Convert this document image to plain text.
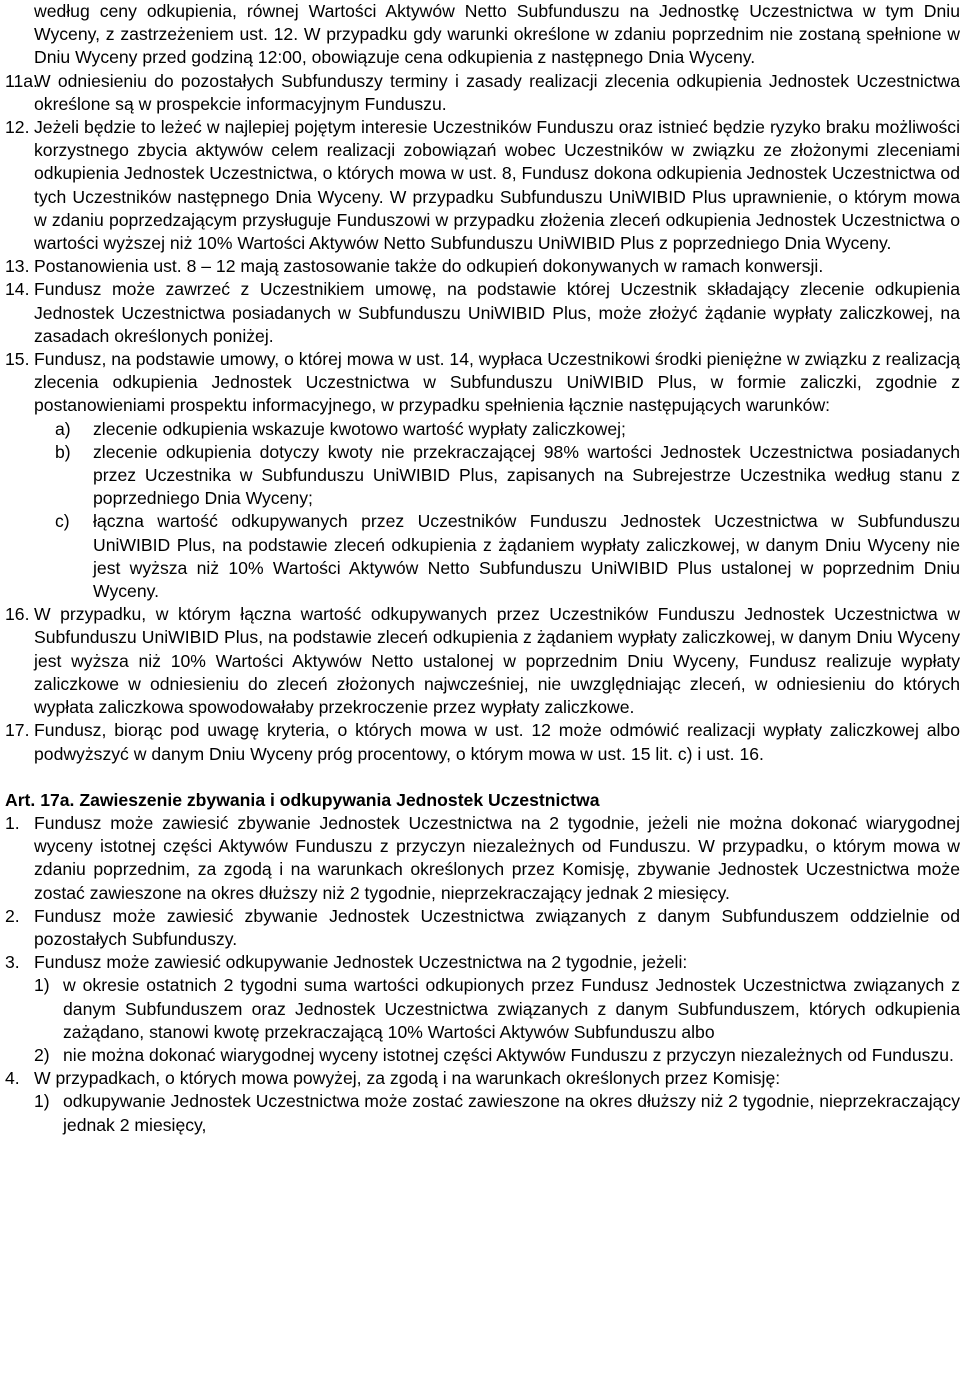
według ceny odkupienia, równej Wartości Aktywów Netto Subfunduszu na Jednostkę Uczestnictwa w tym Dniu Wyceny, z zastrzeżeniem ust. 12. W przypadku gdy warunki określone w zdaniu poprzednim nie zostaną spełnione w Dniu Wyceny przed godziną 12:00, obowiązuje cena odkupienia z następnego Dnia Wyceny.

11a.
W odniesieniu do pozostałych Subfunduszy terminy i zasady realizacji zlecenia odkupienia Jednostek Uczestnictwa określone są w prospekcie informacyjnym Funduszu.

12. Jeżeli będzie to leżeć w najlepiej pojętym interesie Uczestników Funduszu oraz istnieć będzie ryzyko braku możliwości korzystnego zbycia aktywów celem realizacji zobowiązań wobec Uczestników w związku ze złożonymi zleceniami odkupienia Jednostek Uczestnictwa, o których mowa w ust. 8, Fundusz dokona odkupienia Jednostek Uczestnictwa od tych Uczestników następnego Dnia Wyceny. W przypadku Subfunduszu UniWIBID Plus uprawnienie, o którym mowa w zdaniu poprzedzającym przysługuje Funduszowi w przypadku złożenia zleceń odkupienia Jednostek Uczestnictwa o wartości wyższej niż 10% Wartości Aktywów Netto Subfunduszu UniWIBID Plus z poprzedniego Dnia Wyceny.

13. Postanowienia ust. 8 – 12 mają zastosowanie także do odkupień dokonywanych w ramach konwersji.

14. Fundusz może zawrzeć z Uczestnikiem umowę, na podstawie której Uczestnik składający zlecenie odkupienia Jednostek Uczestnictwa posiadanych w Subfunduszu UniWIBID Plus, może złożyć żądanie wypłaty zaliczkowej, na zasadach określonych poniżej.

15. Fundusz, na podstawie umowy, o której mowa w ust. 14, wypłaca Uczestnikowi środki pieniężne w związku z realizacją zlecenia odkupienia Jednostek Uczestnictwa w Subfunduszu UniWIBID Plus, w formie zaliczki, zgodnie z postanowieniami prospektu informacyjnego, w przypadku spełnienia łącznie następujących warunków:

a) zlecenie odkupienia wskazuje kwotowo wartość wypłaty zaliczkowej;

b) zlecenie odkupienia dotyczy kwoty nie przekraczającej 98% wartości Jednostek Uczestnictwa posiadanych przez Uczestnika w Subfunduszu UniWIBID Plus, zapisanych na Subrejestrze Uczestnika według stanu z poprzedniego Dnia Wyceny;

c) łączna wartość odkupywanych przez Uczestników Funduszu Jednostek Uczestnictwa w Subfunduszu UniWIBID Plus, na podstawie zleceń odkupienia z żądaniem wypłaty zaliczkowej, w danym Dniu Wyceny nie jest wyższa niż 10% Wartości Aktywów Netto Subfunduszu UniWIBID Plus ustalonej w poprzednim Dniu Wyceny.

16. W przypadku, w którym łączna wartość odkupywanych przez Uczestników Funduszu Jednostek Uczestnictwa w Subfunduszu UniWIBID Plus, na podstawie zleceń odkupienia z żądaniem wypłaty zaliczkowej, w danym Dniu Wyceny jest wyższa niż 10% Wartości Aktywów Netto ustalonej w poprzednim Dniu Wyceny, Fundusz realizuje wypłaty zaliczkowe w odniesieniu do zleceń złożonych najwcześniej, nie uwzględniając zleceń, w odniesieniu do których wypłata zaliczkowa spowodowałaby przekroczenie przez wypłaty zaliczkowe.

17. Fundusz, biorąc pod uwagę kryteria, o których mowa w ust. 12 może odmówić realizacji wypłaty zaliczkowej albo podwyższyć w danym Dniu Wyceny próg procentowy, o którym mowa w ust. 15 lit. c) i ust. 16.

Art. 17a. Zawieszenie zbywania i odkupywania Jednostek Uczestnictwa

1. Fundusz może zawiesić zbywanie Jednostek Uczestnictwa na 2 tygodnie, jeżeli nie można dokonać wiarygodnej wyceny istotnej części Aktywów Funduszu z przyczyn niezależnych od Funduszu. W przypadku, o którym mowa w zdaniu poprzednim, za zgodą i na warunkach określonych przez Komisję, zbywanie Jednostek Uczestnictwa może zostać zawieszone na okres dłuższy niż 2 tygodnie, nieprzekraczający jednak 2 miesięcy.

2. Fundusz może zawiesić zbywanie Jednostek Uczestnictwa związanych z danym Subfunduszem oddzielnie od pozostałych Subfunduszy.

3. Fundusz może zawiesić odkupywanie Jednostek Uczestnictwa na 2 tygodnie, jeżeli:

1) w okresie ostatnich 2 tygodni suma wartości odkupionych przez Fundusz Jednostek Uczestnictwa związanych z danym Subfunduszem oraz Jednostek Uczestnictwa związanych z danym Subfunduszem, których odkupienia zażądano, stanowi kwotę przekraczającą 10% Wartości Aktywów Subfunduszu albo

2) nie można dokonać wiarygodnej wyceny istotnej części Aktywów Funduszu z przyczyn niezależnych od Funduszu.

4. W przypadkach, o których mowa powyżej, za zgodą i na warunkach określonych przez Komisję:

1) odkupywanie Jednostek Uczestnictwa może zostać zawieszone na okres dłuższy niż 2 tygodnie, nieprzekraczający jednak 2 miesięcy,
